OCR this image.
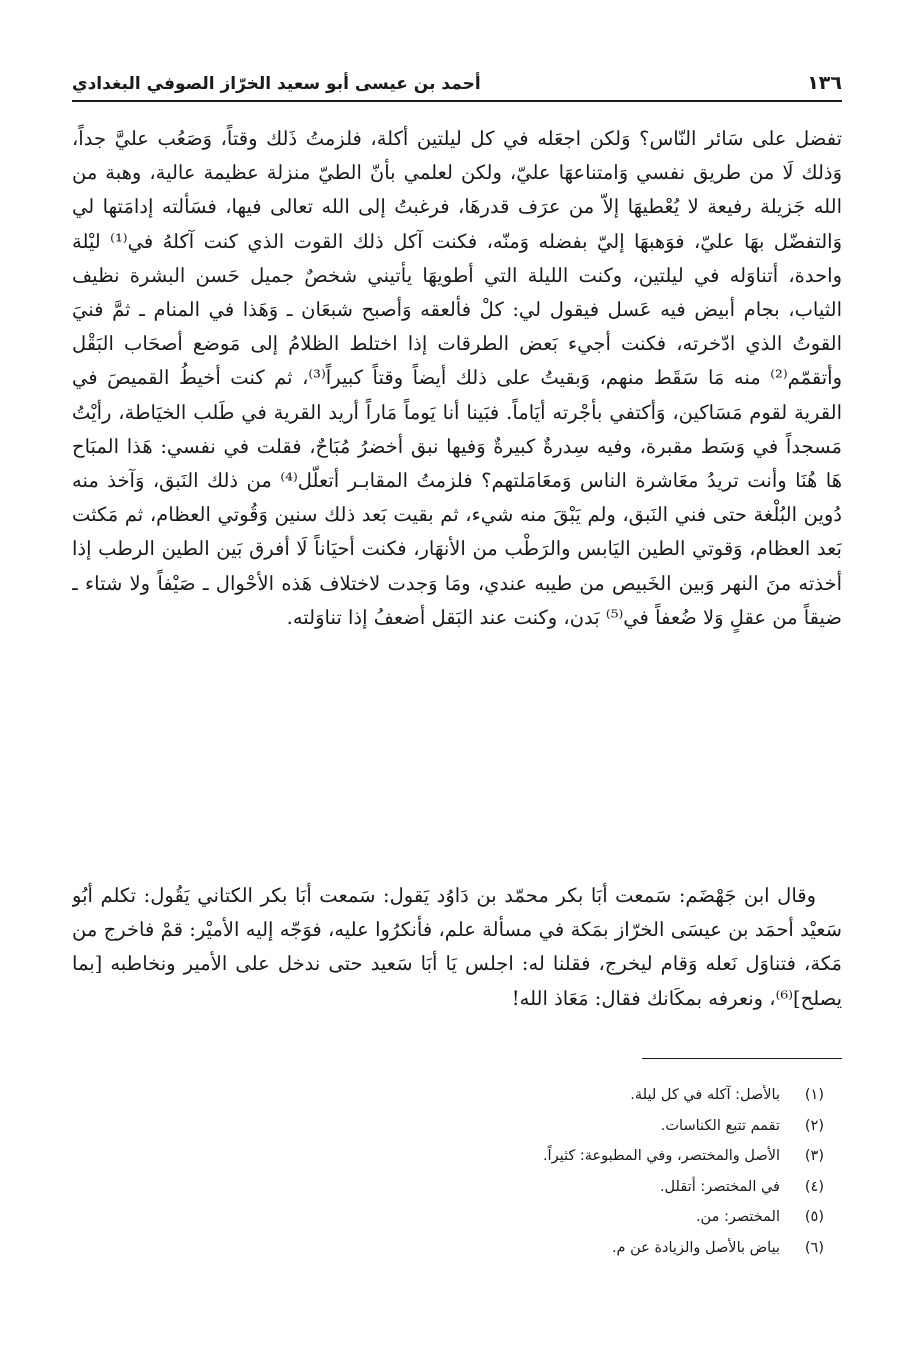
١٣٦
أحمد بن عيسى أبو سعيد الخرّاز الصوفي البغدادي

تفضل على سَائر النّاس؟ وَلكن اجعَله في كل ليلتين أكلة، فلزمتُ ذَلك وقتاً، وَصَعُب عليَّ جداً، وَذلك لَا من طريق نفسي وَامتناعهَا عليّ، ولكن لعلمي بأنّ الطيّ منزلة عظيمة عالية، وهبة من الله جَزيلة رفيعة لا يُعْطيهَا إلاّ من عرَف قدرهَا، فرغبتُ إلى الله تعالى فيها، فسَألته إدامَتها لي وَالتفضّل بهَا عليّ، فوَهبهَا إليّ بفضله وَمنّه، فكنت آكل ذلك القوت الذي كنت آكلهُ في⁽¹⁾ ليْلة واحدة، أتناوَله في ليلتين، وكنت الليلة التي أطويهَا يأتيني شخصٌ جميل حَسن البشرة نظيف الثياب، بجام أبيض فيه عَسل فيقول لي: كلْ فألعقه وَأصبح شبعَان ـ وَهَذا في المنام ـ ثمَّ فنيَ القوتُ الذي ادّخرته، فكنت أجيء بَعض الطرقات إذا اختلط الظلامُ إلى مَوضع أصحَاب البَقْل وأتقمّم⁽²⁾ منه مَا سَقَط منهم، وَبقيتُ على ذلك أيضاً وقتاً كبيراً⁽³⁾، ثم كنت أخيطُ القميصَ في القرية لقوم مَسَاكين، وَأكتفي بأجْرته أيَاماً. فبَينا أنا يَوماً مَاراً أريد القرية في طَلب الخيَاطة، رأيْتُ مَسجداً في وَسَط مقبرة، وفيه سِدرةٌ كبيرةٌ وَفيها نبق أخضرُ مُبَاحٌ، فقلت في نفسي: هَذا المبَاح هَا هُنَا وأنت تريدُ معَاشرة الناس وَمعَامَلتهم؟ فلزمتُ المقابـر أتعلّل⁽⁴⁾ من ذلك النَبق، وَآخذ منه دُوين البُلْغة حتى فني النَبق، ولم يَبْقَ منه شيء، ثم بقيت بَعد ذلك سنين وَقُوتي العظام، ثم مَكثت بَعد العظام، وَقوتي الطين اليَابس والرَطْب من الأنهَار، فكنت أحيَاناً لَا أفرق بَين الطين الرطب إذا أخذته منَ النهر وَبين الخَبيص من طيبه عندي، ومَا وَجدت لاختلاف هَذه الأحْوال ـ صَيْفاً ولا شتاء ـ ضيقاً من عقلٍ وَلا ضُعفاً في⁽⁵⁾ بَدن، وكنت عند البَقل أضعفُ إذا تناوَلته.

وقال ابن جَهْضَم: سَمعت أبَا بكر محمّد بن دَاوُد يَقول: سَمعت أبَا بكر الكتاني يَقُول: تكلم أبُو سَعيْد أحمَد بن عيسَى الخرّاز بمَكة في مسألة علم، فأنكرُوا عليه، فوَجّه إليه الأميْر: قمْ فاخرج من مَكة، فتناوَل نَعله وَقام ليخرج، فقلنا له: اجلس يَا أبَا سَعيد حتى ندخل على الأمير ونخاطبه [بما يصلح]⁽⁶⁾، ونعرفه بمكَانك فقال: مَعَاذ الله!

(١)
بالأصل: آكله في كل ليلة.
(٢)
تقمم تتبع الكناسات.
(٣)
الأصل والمختصر، وفي المطبوعة: كثيراً.
(٤)
في المختصر: أتقلل.
(٥)
المختصر: من.
(٦)
بياض بالأصل والزيادة عن م.
